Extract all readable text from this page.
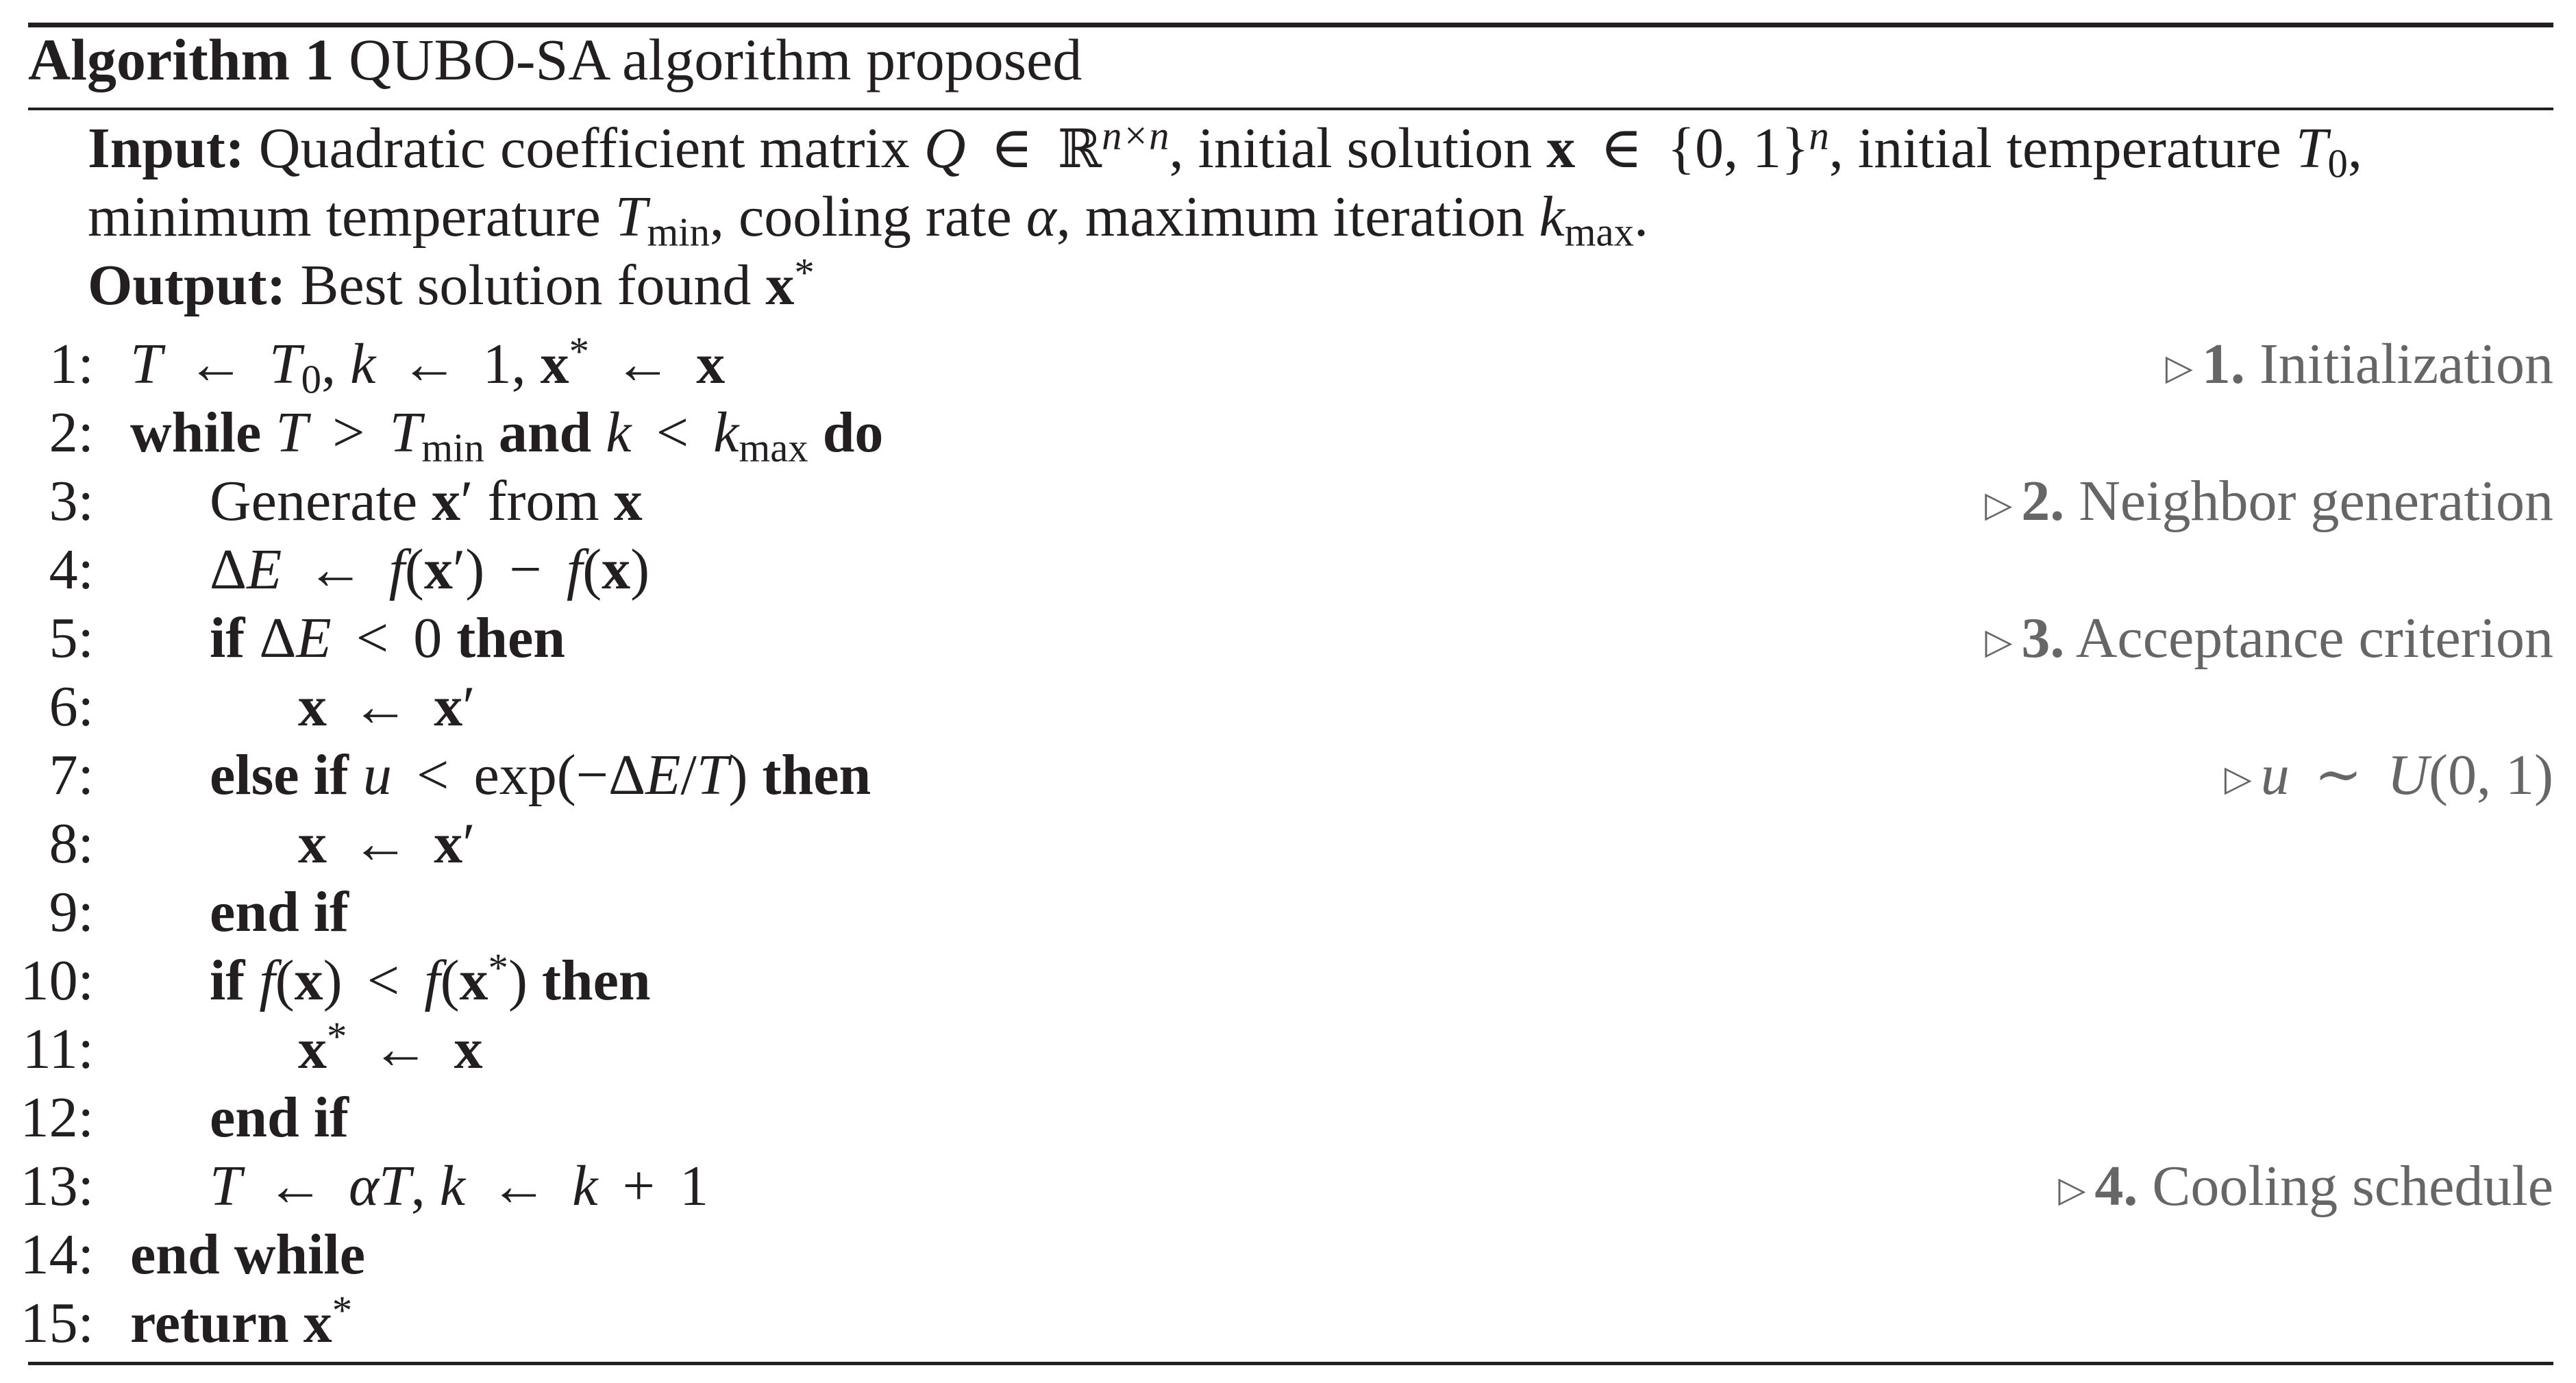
Algorithm 1 QUBO-SA algorithm proposed
Input: Quadratic coefficient matrix Q ∈ ℝ$^{n\times n}$, initial solution x ∈ {0, 1}$^n$, initial temperature $T_0$,
minimum temperature $T_{min}$, cooling rate α, maximum iteration $k_{max}$.
Output: Best solution found x*
1: T ← $T_0$, k ← 1, x* ← x	▷ 1. Initialization
2: while $T > T_{min}$ and $k < k_{max}$ do
3: Generate x′ from x	▷ 2. Neighbor generation
4: ΔE ← f(x′) − f(x)
5: if ΔE < 0 then	▷ 3. Acceptance criterion
6:	x ← x′
7: else if u < exp(−ΔE/T) then	▷ u ∼ U(0, 1)
8:	x ← x′
9: end if
10: if f(x) < f(x*) then
11:	x* ← x
12: end if
13: T ← αT, k ← k + 1	▷ 4. Cooling schedule
14: end while
15: return x*
